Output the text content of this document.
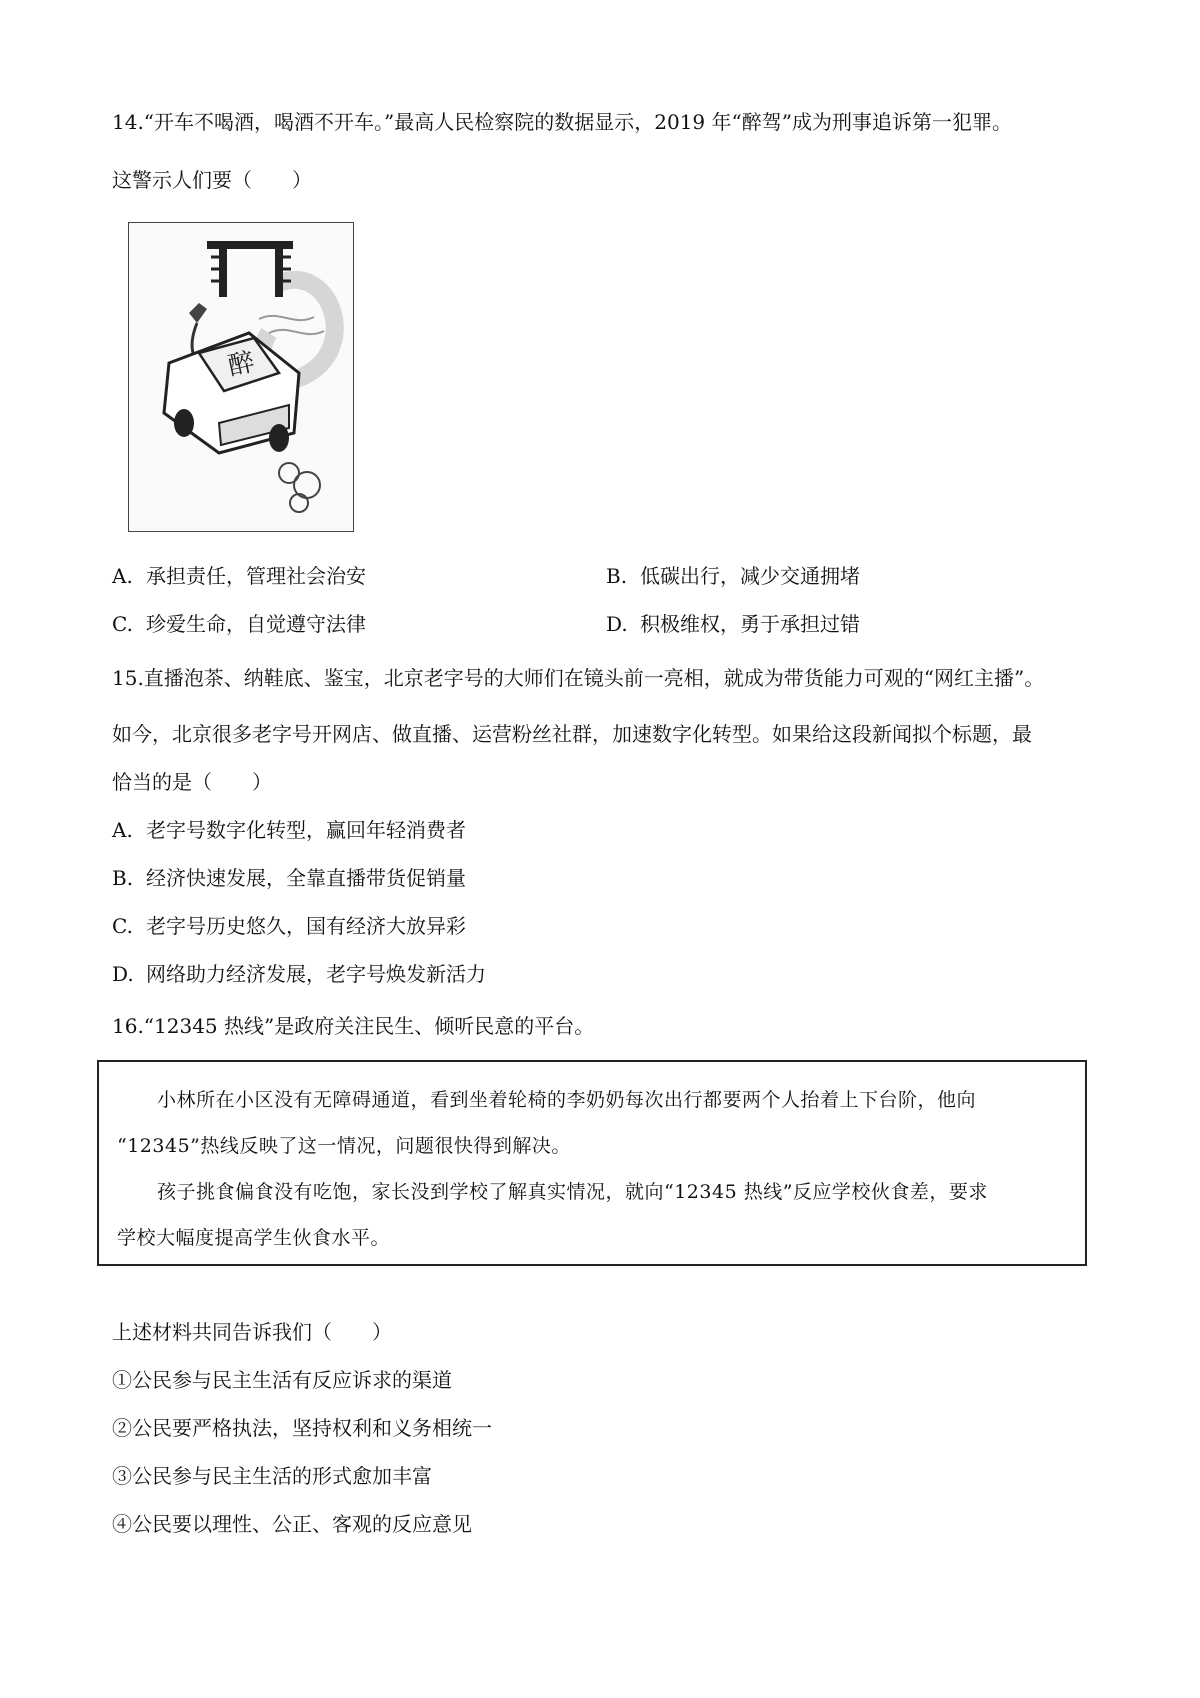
14.“开车不喝酒，喝酒不开车。”最高人民检察院的数据显示，2019 年“醉驾”成为刑事追诉第一犯罪。
这警示人们要（　　）
醉
A. 承担责任，管理社会治安	B. 低碳出行，减少交通拥堵
C. 珍爱生命，自觉遵守法律	D. 积极维权，勇于承担过错
15.直播泡茶、纳鞋底、鉴宝，北京老字号的大师们在镜头前一亮相，就成为带货能力可观的“网红主播”。
如今，北京很多老字号开网店、做直播、运营粉丝社群，加速数字化转型。如果给这段新闻拟个标题，最
恰当的是（　　）
A. 老字号数字化转型，赢回年轻消费者
B. 经济快速发展，全靠直播带货促销量
C. 老字号历史悠久，国有经济大放异彩
D. 网络助力经济发展，老字号焕发新活力
16.“12345 热线”是政府关注民生、倾听民意的平台。
小林所在小区没有无障碍通道，看到坐着轮椅的李奶奶每次出行都要两个人抬着上下台阶，他向
“12345”热线反映了这一情况，问题很快得到解决。
孩子挑食偏食没有吃饱，家长没到学校了解真实情况，就向“12345 热线”反应学校伙食差，要求
学校大幅度提高学生伙食水平。
上述材料共同告诉我们（　　）
①公民参与民主生活有反应诉求的渠道
②公民要严格执法，坚持权利和义务相统一
③公民参与民主生活的形式愈加丰富
④公民要以理性、公正、客观的反应意见
